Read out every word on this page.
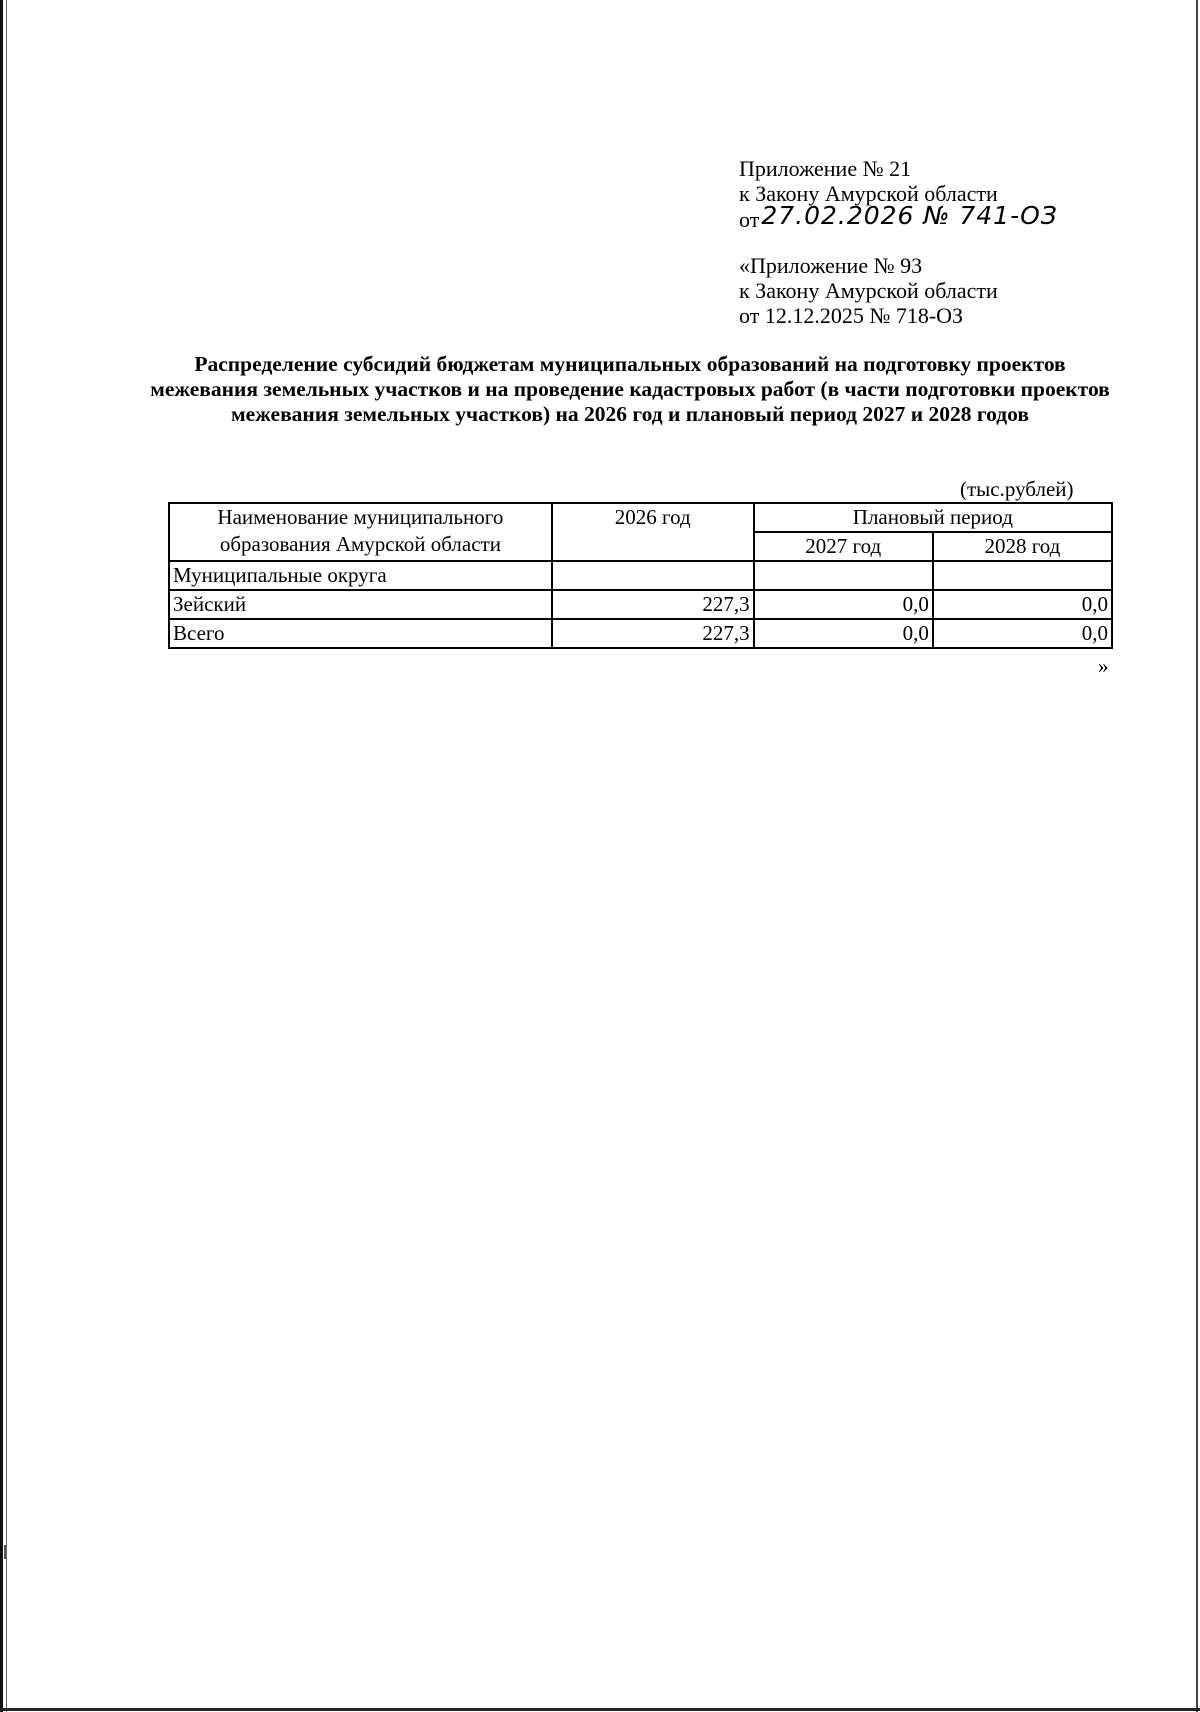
Приложение № 21
к Закону Амурской области
от27.02.2026 № 741-ОЗ
«Приложение № 93
к Закону Амурской области
от 12.12.2025 № 718-ОЗ
Распределение субсидий бюджетам муниципальных образований на подготовку проектов межевания земельных участков и на проведение кадастровых работ (в части подготовки проектов межевания земельных участков) на 2026 год и плановый период 2027 и 2028 годов
(тыс.рублей)
Наименование муниципального образования Амурской области	2026 год	Плановый период	
		2027 год	2028 год
Муниципальные округа			
Зейский	227,3	0,0	0,0
Всего	227,3	0,0	0,0
»
